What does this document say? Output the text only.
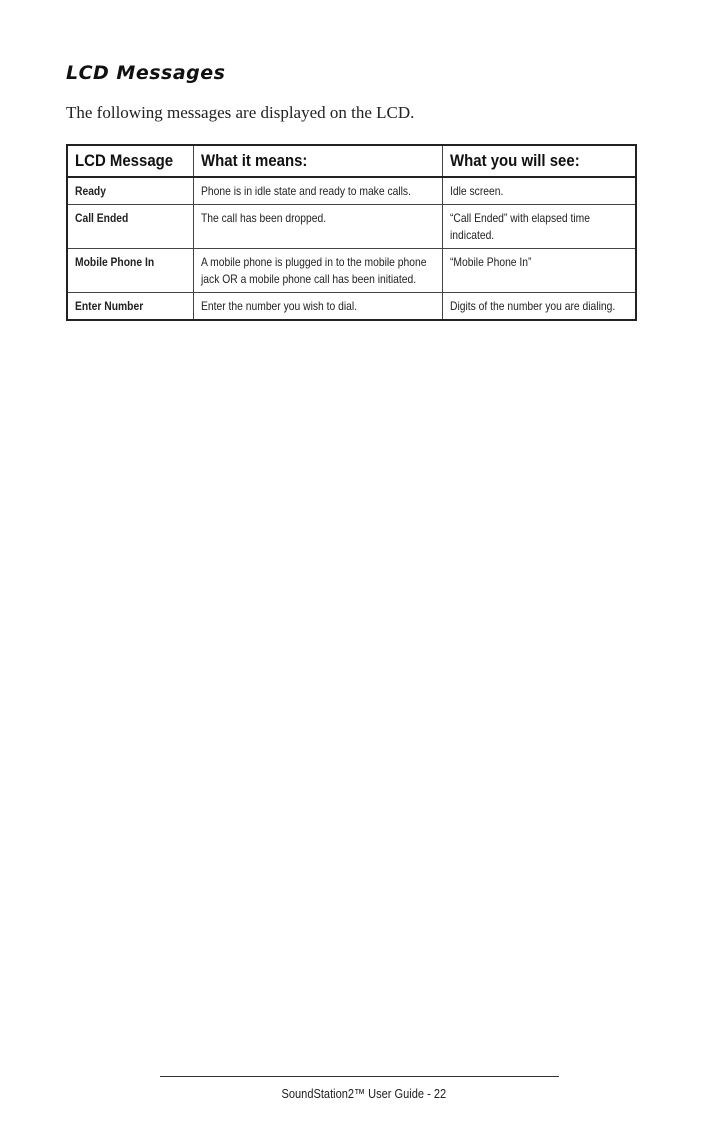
LCD Messages

The following messages are displayed on the LCD.

LCD Message	What it means:	What you will see:

Ready	Phone is in idle state and ready to make calls.	Idle screen.

Call Ended	The call has been dropped.	“Call Ended” with elapsed time indicated.

Mobile Phone In	A mobile phone is plugged in to the mobile phone jack OR a mobile phone call has been initiated.	“Mobile Phone In”

Enter Number	Enter the number you wish to dial.	Digits of the number you are dialing.
SoundStation2™ User Guide - 22
